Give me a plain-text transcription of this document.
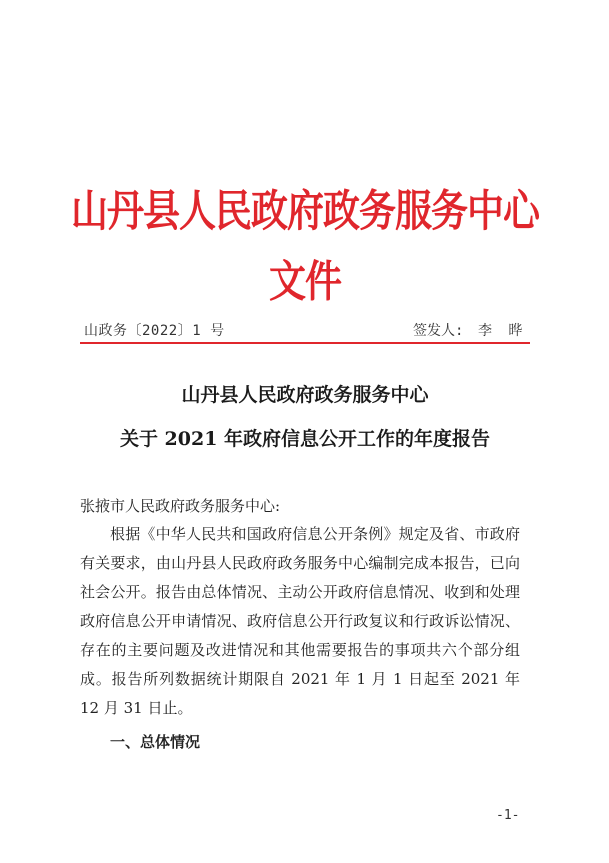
山丹县人民政府政务服务中心文件
山政务〔2022〕1 号	签发人: 李 晔
山丹县人民政府政务服务中心
关于 2021 年政府信息公开工作的年度报告
张掖市人民政府政务服务中心:

根据《中华人民共和国政府信息公开条例》规定及省、市政府有关要求，由山丹县人民政府政务服务中心编制完成本报告，已向社会公开。报告由总体情况、主动公开政府信息情况、收到和处理政府信息公开申请情况、政府信息公开行政复议和行政诉讼情况、存在的主要问题及改进情况和其他需要报告的事项共六个部分组成。报告所列数据统计期限自 2021 年 1 月 1 日起至 2021 年 12 月 31 日止。

一、总体情况
-1-
